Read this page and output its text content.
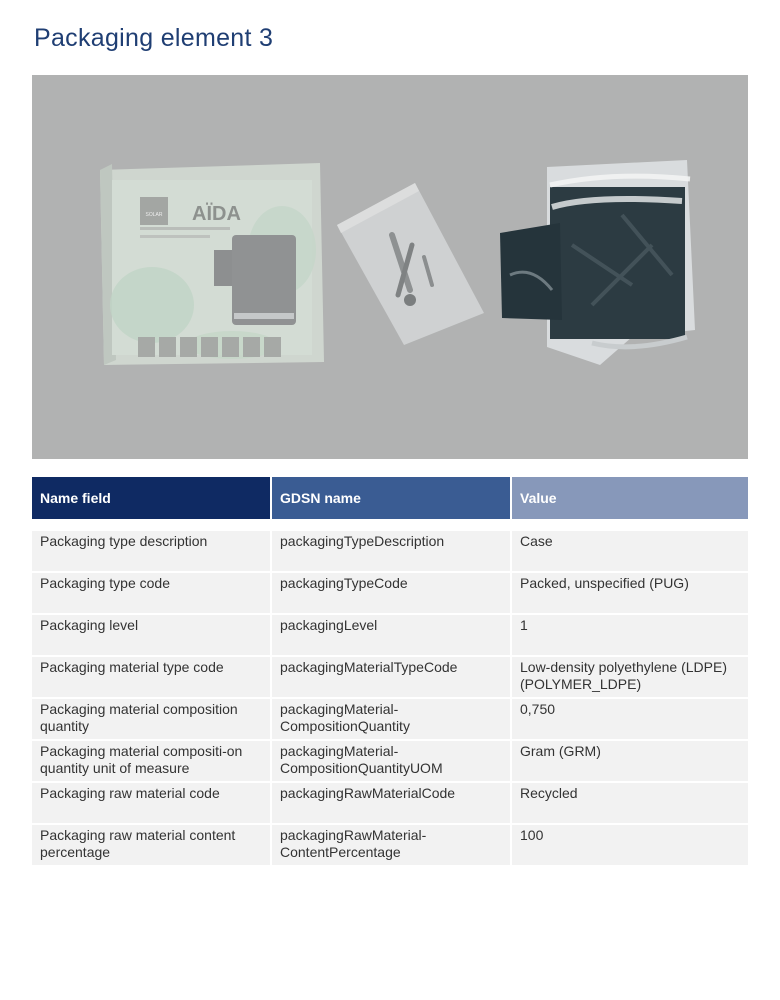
Packaging element 3
SOLAR AÏDA
Name field	GDSN name	Value

Packaging type description	packagingTypeDescription	Case
Packaging type code	packagingTypeCode	Packed, unspecified (PUG)
Packaging level	packagingLevel	1
Packaging material type code	packagingMaterialTypeCode	Low-density polyethylene (LDPE)(POLYMER_LDPE)
Packaging material composition quantity	packagingMaterial-CompositionQuantity	0,750
Packaging material compositi-on quantity unit of measure	packagingMaterial-CompositionQuantityUOM	Gram (GRM)
Packaging raw material code	packagingRawMaterialCode	Recycled
Packaging raw material content percentage	packagingRawMaterial-ContentPercentage	100
